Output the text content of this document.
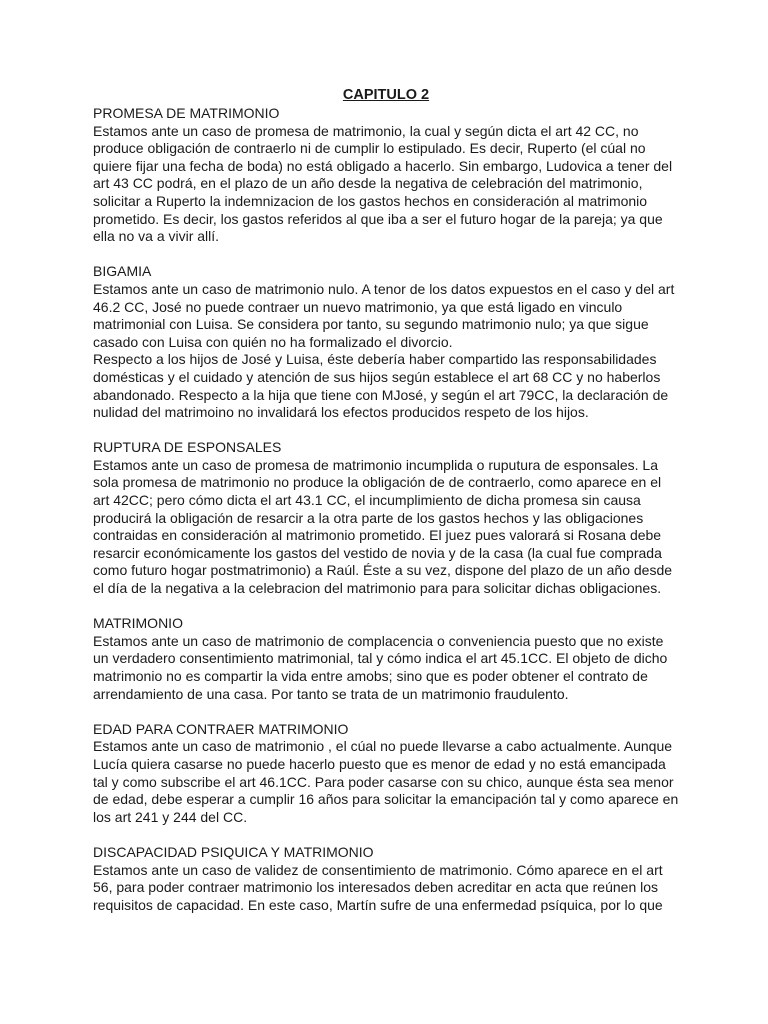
CAPITULO 2
PROMESA DE MATRIMONIO
Estamos ante un caso de promesa de matrimonio, la cual y según dicta el art 42 CC, no produce obligación de contraerlo ni de cumplir lo estipulado. Es decir, Ruperto (el cúal no quiere fijar una fecha de boda) no está obligado a hacerlo. Sin embargo, Ludovica a tener del art 43 CC podrá, en el plazo de un año desde la negativa de celebración del matrimonio, solicitar a Ruperto la indemnizacion de los gastos hechos en consideración al matrimonio prometido. Es decir, los gastos referidos al que iba a ser el futuro hogar de la pareja; ya que ella no va a vivir allí.
BIGAMIA
Estamos ante un caso de matrimonio nulo. A tenor de los datos expuestos en el caso y del art 46.2 CC, José no puede contraer un nuevo matrimonio, ya que está ligado en vinculo matrimonial con Luisa. Se considera por tanto, su segundo matrimonio nulo; ya que sigue casado con Luisa con quién no ha formalizado el divorcio.
Respecto a los hijos de José y Luisa, éste debería haber compartido las responsabilidades domésticas y el cuidado y atención de sus hijos según establece el art 68 CC y no haberlos abandonado. Respecto a la hija que tiene con MJosé, y según el art 79CC, la declaración de nulidad del matrimoino no invalidará los efectos producidos respeto de los hijos.
RUPTURA DE ESPONSALES
Estamos ante un caso de promesa de matrimonio incumplida o ruputura de esponsales. La sola promesa de matrimonio no produce la obligación de de contraerlo, como aparece en el art 42CC; pero cómo dicta el art 43.1 CC, el incumplimiento de dicha promesa sin causa producirá la obligación de resarcir a la otra parte de los gastos hechos y las obligaciones contraidas en consideración al matrimonio prometido. El juez pues valorará si Rosana debe resarcir económicamente los gastos del vestido de novia y de la casa (la cual fue comprada como futuro hogar postmatrimonio) a Raúl. Éste a su vez, dispone del plazo de un año desde el día de la negativa a la celebracion del matrimonio para para solicitar dichas obligaciones.
MATRIMONIO
Estamos ante un caso de matrimonio de complacencia o conveniencia puesto que no existe un verdadero consentimiento matrimonial, tal y cómo indica el art 45.1CC. El objeto de dicho matrimonio no es compartir la vida entre amobs; sino que es poder obtener el contrato de arrendamiento de una casa. Por tanto se trata de un matrimonio fraudulento.
EDAD PARA CONTRAER MATRIMONIO
Estamos ante un caso de matrimonio , el cúal no puede llevarse a cabo actualmente. Aunque Lucía quiera casarse no puede hacerlo puesto que es menor de edad y no está emancipada tal y como subscribe el art 46.1CC. Para poder casarse con su chico, aunque ésta sea menor de edad, debe esperar a cumplir 16 años para solicitar la emancipación tal y como aparece en los art 241 y 244 del CC.
DISCAPACIDAD PSIQUICA Y MATRIMONIO
Estamos ante un caso de validez de consentimiento de matrimonio. Cómo aparece en el art 56, para poder contraer matrimonio los interesados deben acreditar en acta que reúnen los requisitos de capacidad. En este caso, Martín sufre de una enfermedad psíquica, por lo que
